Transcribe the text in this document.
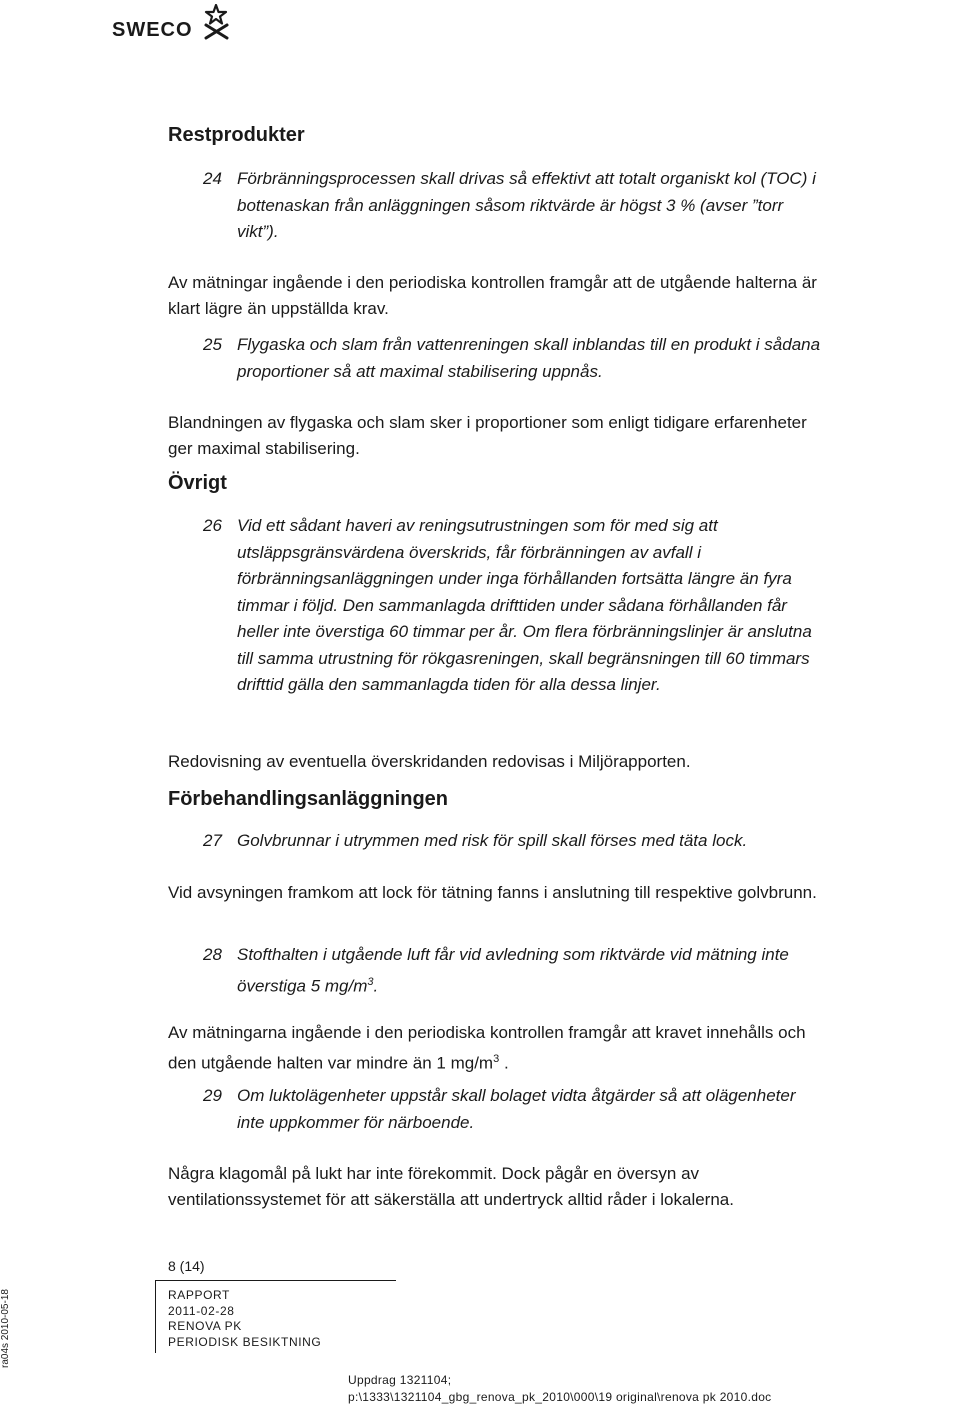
SWECO
Restprodukter
24 Förbränningsprocessen skall drivas så effektivt att totalt organiskt kol (TOC) i bottenaskan från anläggningen såsom riktvärde är högst 3 % (avser ”torr vikt”).

Av mätningar ingående i den periodiska kontrollen framgår att de utgående halterna är klart lägre än uppställda krav.

25 Flygaska och slam från vattenreningen skall inblandas till en produkt i sådana proportioner så att maximal stabilisering uppnås.

Blandningen av flygaska och slam sker i proportioner som enligt tidigare erfarenheter ger maximal stabilisering.

Övrigt
26 Vid ett sådant haveri av reningsutrustningen som för med sig att utsläppsgränsvärdena överskrids, får förbränningen av avfall i förbränningsanläggningen under inga förhållanden fortsätta längre än fyra timmar i följd. Den sammanlagda drifttiden under sådana förhållanden får heller inte överstiga 60 timmar per år. Om flera förbränningslinjer är anslutna till samma utrustning för rökgasreningen, skall begränsningen till 60 timmars drifttid gälla den sammanlagda tiden för alla dessa linjer.

Redovisning av eventuella överskridanden redovisas i Miljörapporten.

Förbehandlingsanläggningen
27 Golvbrunnar i utrymmen med risk för spill skall förses med täta lock.

Vid avsyningen framkom att lock för tätning fanns i anslutning till respektive golvbrunn.

28 Stofthalten i utgående luft får vid avledning som riktvärde vid mätning inte överstiga 5 $mg/m^3$.

Av mätningarna ingående i den periodiska kontrollen framgår att kravet innehålls och den utgående halten var mindre än 1 $mg/m^3$ .

29 Om luktolägenheter uppstår skall bolaget vidta åtgärder så att olägenheter inte uppkommer för närboende.

Några klagomål på lukt har inte förekommit. Dock pågår en översyn av ventilationssystemet för att säkerställa att undertryck alltid råder i lokalerna.

8 (14)
RAPPORT
2011-02-28
RENOVA PK
PERIODISK BESIKTNING
Uppdrag 1321104;
p:\1333\1321104_gbg_renova_pk_2010\000\19 original\renova pk 2010.doc
ra04s 2010-05-18
